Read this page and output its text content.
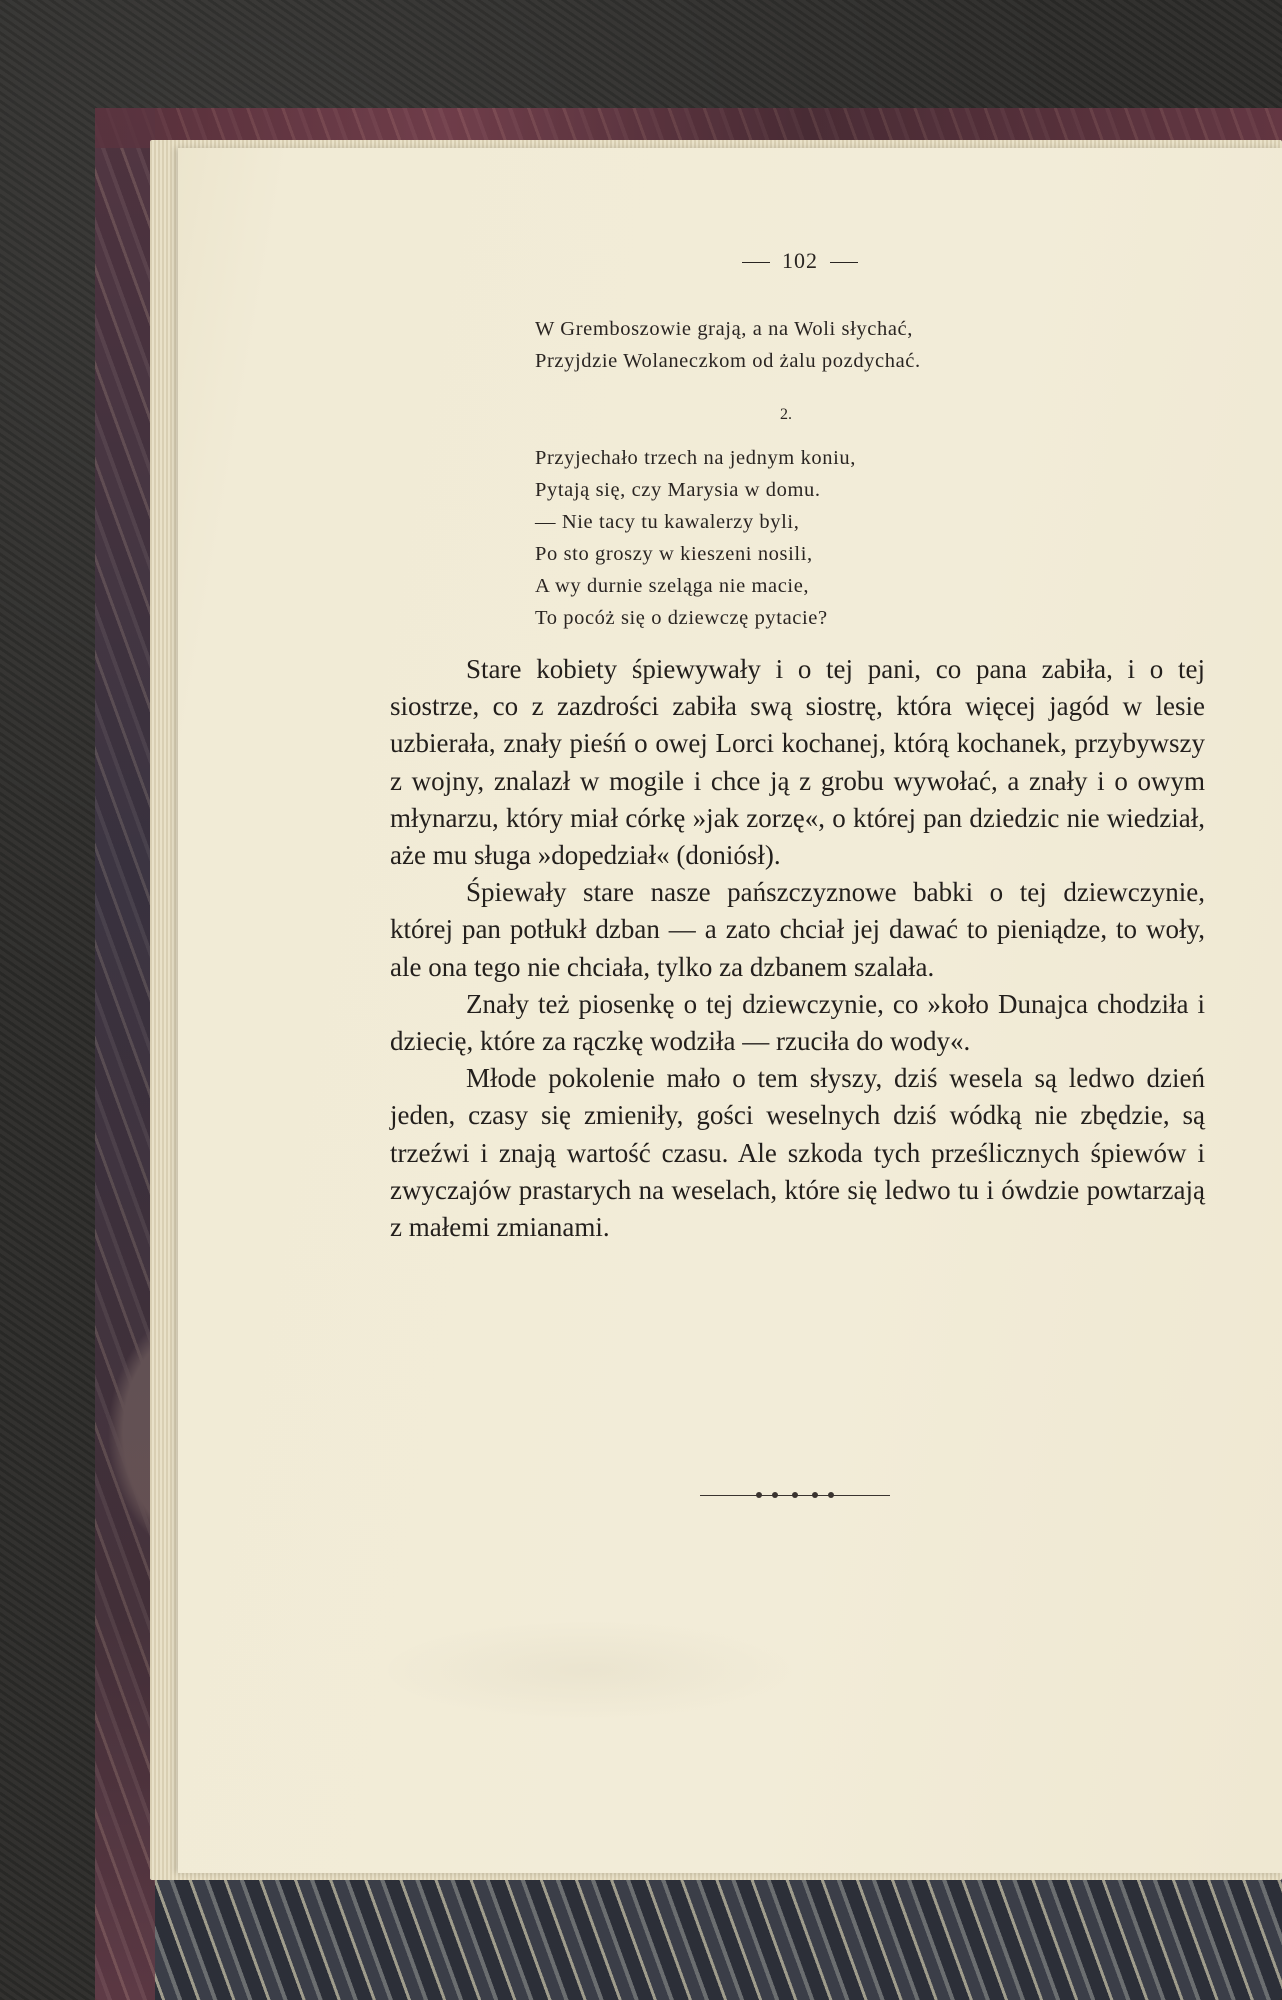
102
W Gremboszowie grają, a na Woli słychać,
Przyjdzie Wolaneczkom od żalu pozdychać.
2.
Przyjechało trzech na jednym koniu,
Pytają się, czy Marysia w domu.
— Nie tacy tu kawalerzy byli,
Po sto groszy w kieszeni nosili,
A wy durnie szeląga nie macie,
To pocóż się o dziewczę pytacie?

Stare kobiety śpiewywały i o tej pani, co pana zabiła, i o tej siostrze, co z zazdrości zabiła swą siostrę, która więcej jagód w lesie uzbierała, znały pieśń o owej Lorci kochanej, którą kochanek, przybywszy z wojny, znalazł w mogile i chce ją z grobu wywołać, a znały i o owym młynarzu, który miał córkę »jak zorzę«, o której pan dziedzic nie wiedział, aże mu sługa »dopedział« (doniósł).

Śpiewały stare nasze pańszczyznowe babki o tej dziewczynie, której pan potłukł dzban — a zato chciał jej dawać to pieniądze, to woły, ale ona tego nie chciała, tylko za dzbanem szalała.

Znały też piosenkę o tej dziewczynie, co »koło Dunajca chodziła i dziecię, które za rączkę wodziła — rzuciła do wody«.

Młode pokolenie mało o tem słyszy, dziś wesela są ledwo dzień jeden, czasy się zmieniły, gości weselnych dziś wódką nie zbędzie, są trzeźwi i znają wartość czasu. Ale szkoda tych prześlicznych śpiewów i zwyczajów prastarych na weselach, które się ledwo tu i ówdzie powtarzają z małemi zmianami.
